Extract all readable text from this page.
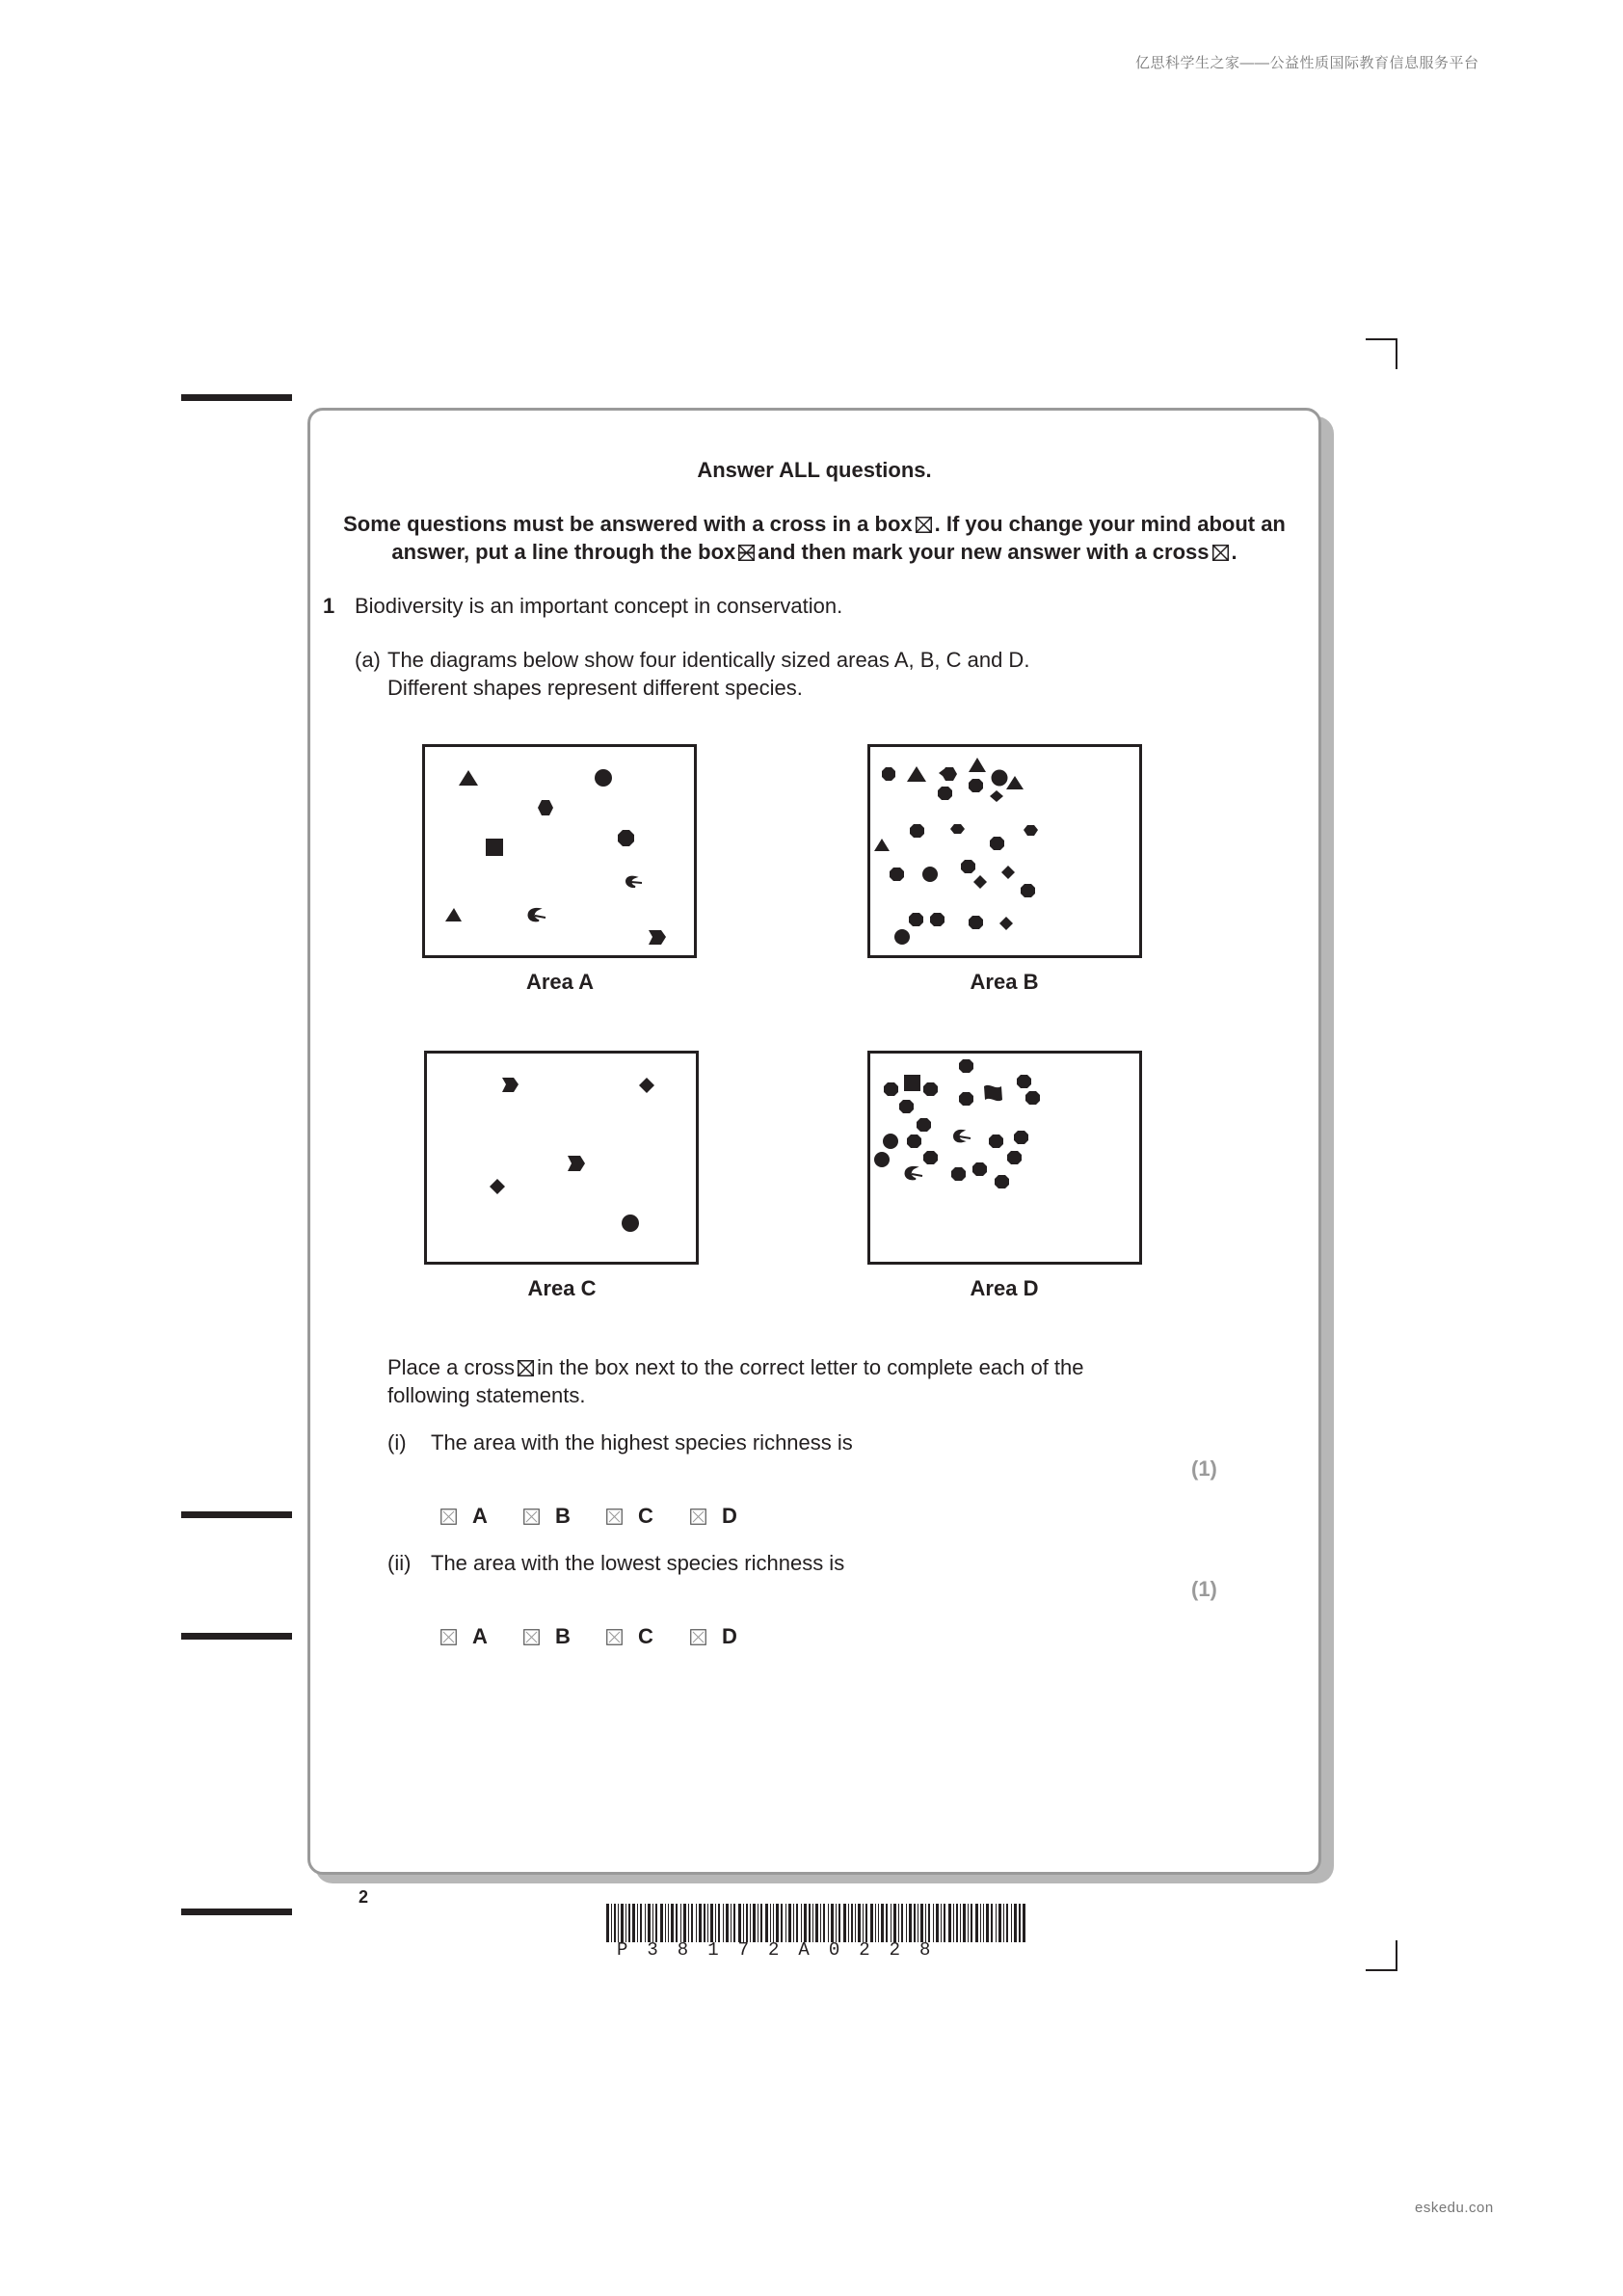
亿思科学生之家——公益性质国际教育信息服务平台
eskedu.con
Answer ALL questions.
Some questions must be answered with a cross in a box ☒ . If you change your mind about an
answer, put a line through the box and then mark your new answer with a cross ☒ .
1 Biodiversity is an important concept in conservation.
(a) The diagrams below show four identically sized areas A, B, C and D.
Different shapes represent different species.
Area A	Area B
Area C	Area D
Place a cross ☒ in the box next to the correct letter to complete each of the
following statements.
(i) The area with the highest species richness is
(1)
A	B	C	D
(ii) The area with the lowest species richness is
(1)
A	B	C	D
2
P38172A0228
